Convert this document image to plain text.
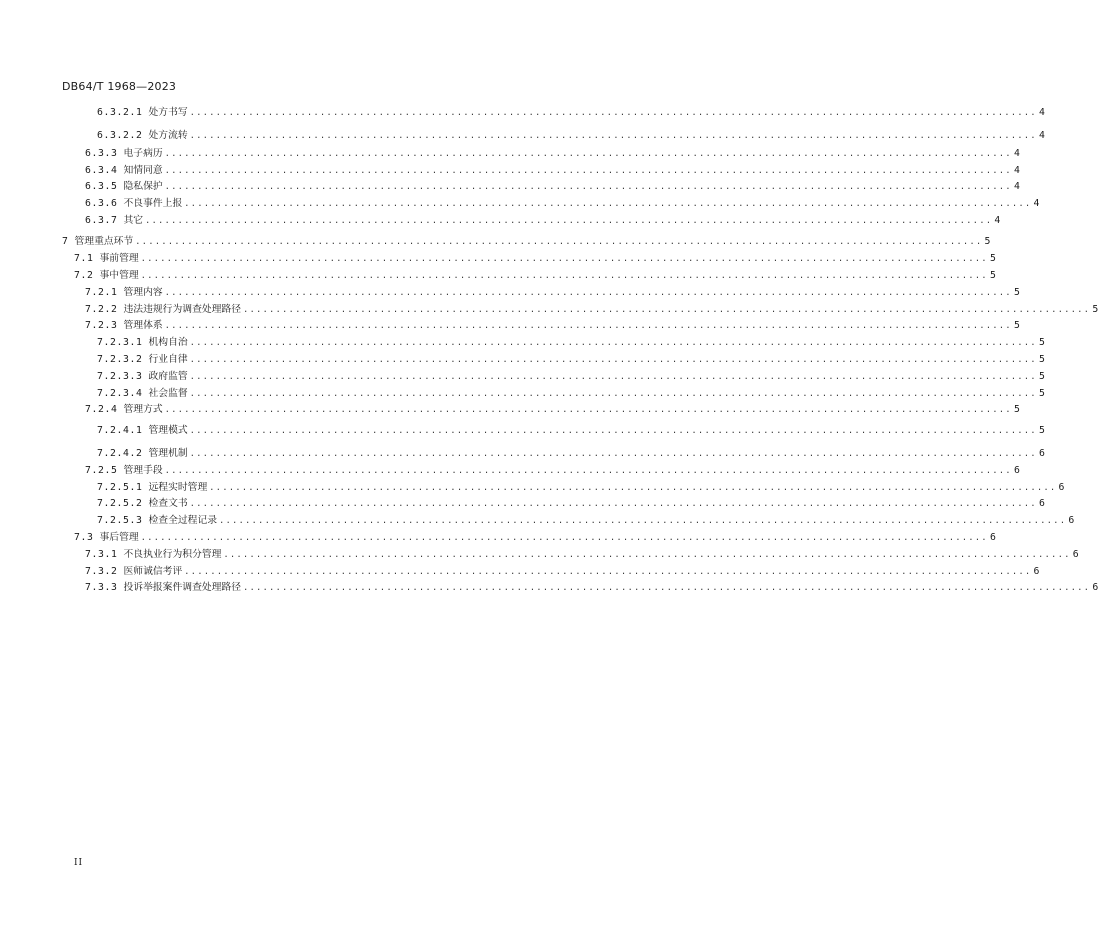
DB64/T 1968—2023
6.3.2.1 处方书写 .................................................................................................................................. 4
6.3.2.2 处方流转 .................................................................................................................................. 4
6.3.3 电子病历 .................................................................................................................................. 4
6.3.4 知情同意 .................................................................................................................................. 4
6.3.5 隐私保护 .................................................................................................................................. 4
6.3.6 不良事件上报 .................................................................................................................................. 4
6.3.7 其它 .................................................................................................................................. 4
7 管理重点环节 .................................................................................................................................. 5
7.1 事前管理 .................................................................................................................................. 5
7.2 事中管理 .................................................................................................................................. 5
7.2.1 管理内容 .................................................................................................................................. 5
7.2.2 违法违规行为调查处理路径 .................................................................................................................................. 5
7.2.3 管理体系 .................................................................................................................................. 5
7.2.3.1 机构自治 .................................................................................................................................. 5
7.2.3.2 行业自律 .................................................................................................................................. 5
7.2.3.3 政府监管 .................................................................................................................................. 5
7.2.3.4 社会监督 .................................................................................................................................. 5
7.2.4 管理方式 .................................................................................................................................. 5
7.2.4.1 管理模式 .................................................................................................................................. 5
7.2.4.2 管理机制 .................................................................................................................................. 6
7.2.5 管理手段 .................................................................................................................................. 6
7.2.5.1 远程实时管理 .................................................................................................................................. 6
7.2.5.2 检查文书 .................................................................................................................................. 6
7.2.5.3 检查全过程记录 .................................................................................................................................. 6
7.3 事后管理 .................................................................................................................................. 6
7.3.1 不良执业行为积分管理 .................................................................................................................................. 6
7.3.2 医师诚信考评 .................................................................................................................................. 6
7.3.3 投诉举报案件调查处理路径 .................................................................................................................................. 6
II
